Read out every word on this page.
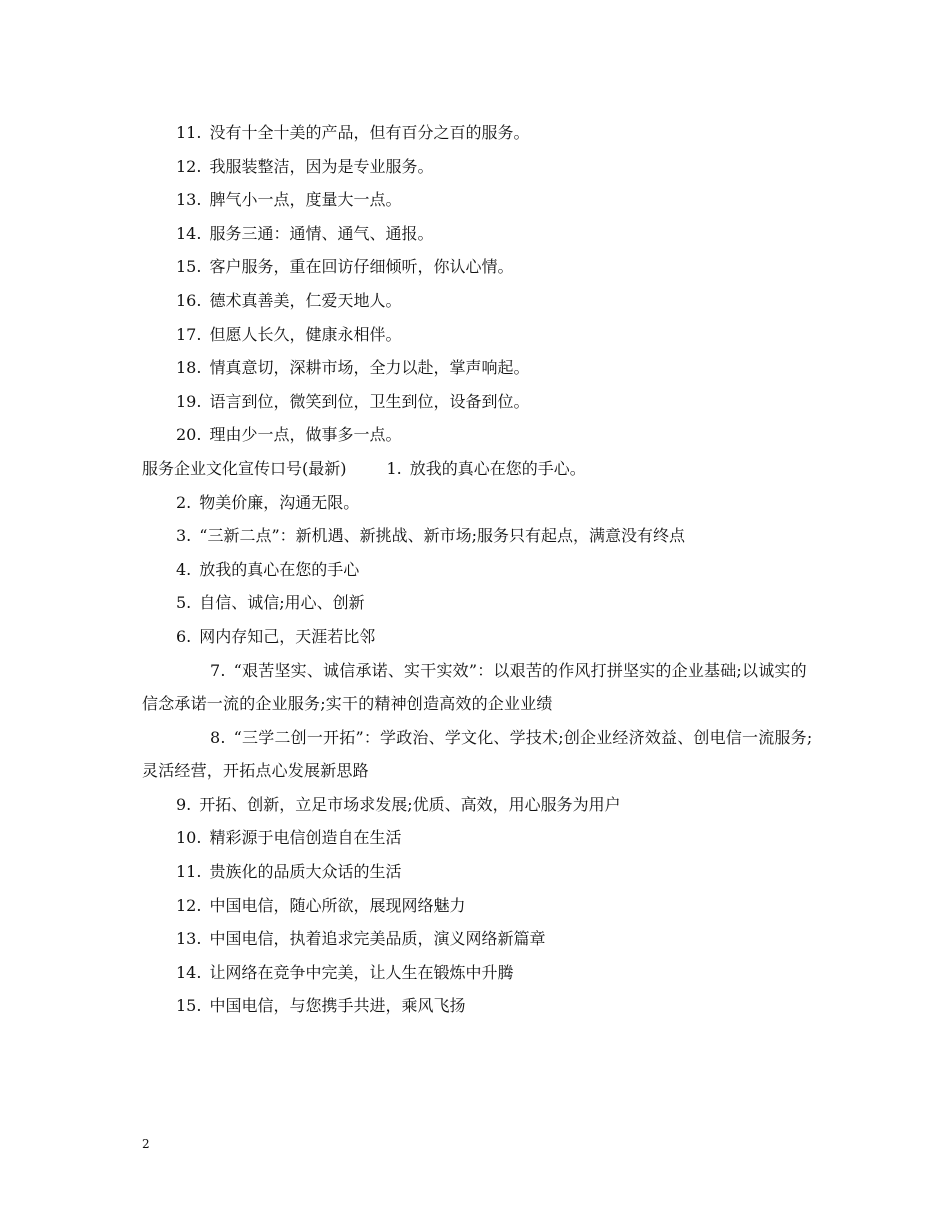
11. 没有十全十美的产品，但有百分之百的服务。
12. 我服装整洁，因为是专业服务。
13. 脾气小一点，度量大一点。
14. 服务三通：通情、通气、通报。
15. 客户服务，重在回访仔细倾听，你认心情。
16. 德术真善美，仁爱天地人。
17. 但愿人长久，健康永相伴。
18. 情真意切，深耕市场，全力以赴，掌声响起。
19. 语言到位，微笑到位，卫生到位，设备到位。
20. 理由少一点，做事多一点。
服务企业文化宣传口号(最新)	1. 放我的真心在您的手心。
2. 物美价廉，沟通无限。
3. “三新二点”：新机遇、新挑战、新市场;服务只有起点，满意没有终点
4. 放我的真心在您的手心
5. 自信、诚信;用心、创新
6. 网内存知己，天涯若比邻
7. “艰苦坚实、诚信承诺、实干实效”：以艰苦的作风打拼坚实的企业基础;以诚实的信念承诺一流的企业服务;实干的精神创造高效的企业业绩
8. “三学二创一开拓”：学政治、学文化、学技术;创企业经济效益、创电信一流服务;灵活经营，开拓点心发展新思路
9. 开拓、创新，立足市场求发展;优质、高效，用心服务为用户
10. 精彩源于电信创造自在生活
11. 贵族化的品质大众话的生活
12. 中国电信，随心所欲，展现网络魅力
13. 中国电信，执着追求完美品质，演义网络新篇章
14. 让网络在竞争中完美，让人生在锻炼中升腾
15. 中国电信，与您携手共进，乘风飞扬
2
